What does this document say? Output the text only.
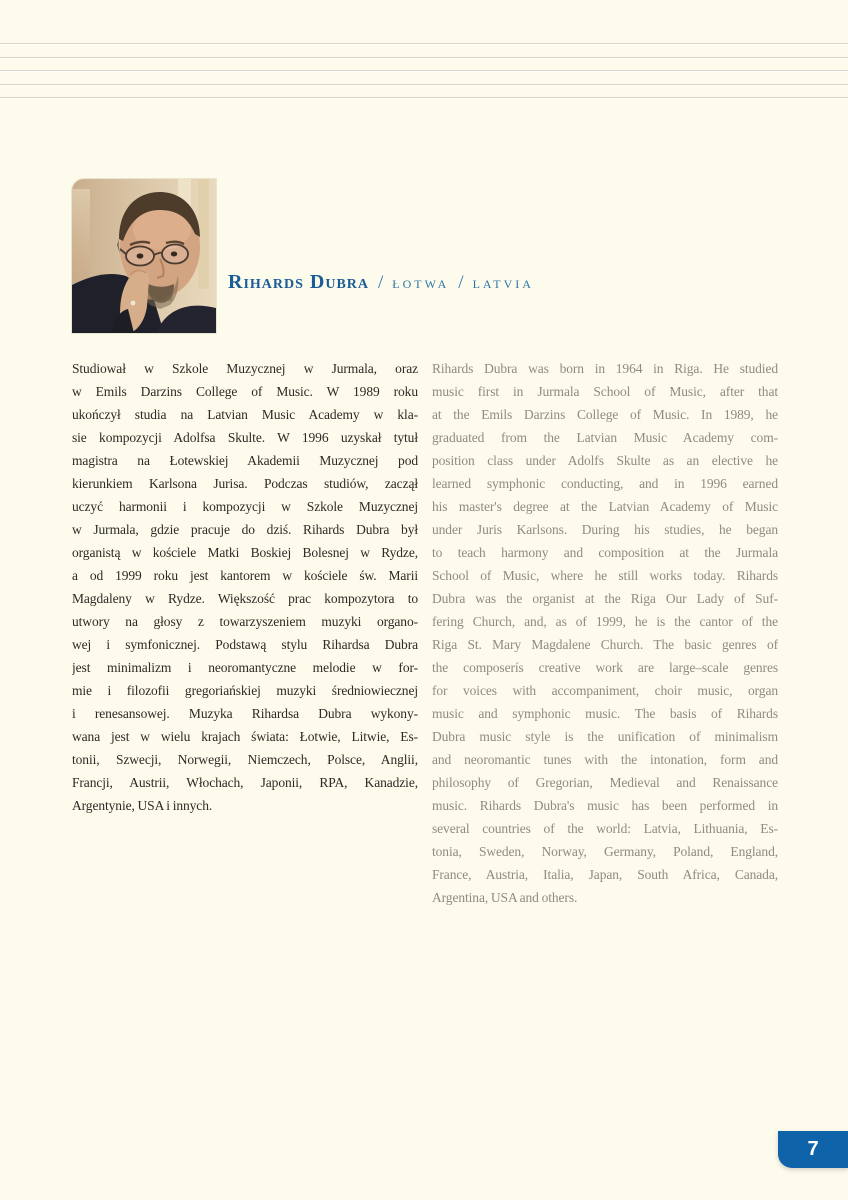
Rihards Dubra / łotwa / latvia
Studiował w Szkole Muzycznej w Jurmala, oraz
w Emils Darzins College of Music. W 1989 roku
ukończył studia na Latvian Music Academy w kla-
sie kompozycji Adolfsa Skulte. W 1996 uzyskał tytuł
magistra na Łotewskiej Akademii Muzycznej pod
kierunkiem Karlsona Jurisa. Podczas studiów, zaczął
uczyć harmonii i kompozycji w Szkole Muzycznej
w Jurmala, gdzie pracuje do dziś. Rihards Dubra był
organistą w kościele Matki Boskiej Bolesnej w Rydze,
a od 1999 roku jest kantorem w kościele św. Marii
Magdaleny w Rydze. Większość prac kompozytora to
utwory na głosy z towarzyszeniem muzyki organo-
wej i symfonicznej. Podstawą stylu Rihardsa Dubra
jest minimalizm i neoromantyczne melodie w for-
mie i filozofii gregoriańskiej muzyki średniowiecznej
i renesansowej. Muzyka Rihardsa Dubra wykony-
wana jest w wielu krajach świata: Łotwie, Litwie, Es-
tonii, Szwecji, Norwegii, Niemczech, Polsce, Anglii,
Francji, Austrii, Włochach, Japonii, RPA, Kanadzie,
Argentynie, USA i innych.
Rihards Dubra was born in 1964 in Riga. He studied
music first in Jurmala School of Music, after that
at the Emils Darzins College of Music. In 1989, he
graduated from the Latvian Music Academy com-
position class under Adolfs Skulte as an elective he
learned symphonic conducting, and in 1996 earned
his master's degree at the Latvian Academy of Music
under Juris Karlsons. During his studies, he began
to teach harmony and composition at the Jurmala
School of Music, where he still works today. Rihards
Dubra was the organist at the Riga Our Lady of Suf-
fering Church, and, as of 1999, he is the cantor of the
Riga St. Mary Magdalene Church. The basic genres of
the composerís creative work are large–scale genres
for voices with accompaniment, choir music, organ
music and symphonic music. The basis of Rihards
Dubra music style is the unification of minimalism
and neoromantic tunes with the intonation, form and
philosophy of Gregorian, Medieval and Renaissance
music. Rihards Dubra's music has been performed in
several countries of the world: Latvia, Lithuania, Es-
tonia, Sweden, Norway, Germany, Poland, England,
France, Austria, Italia, Japan, South Africa, Canada,
Argentina, USA and others.
7
